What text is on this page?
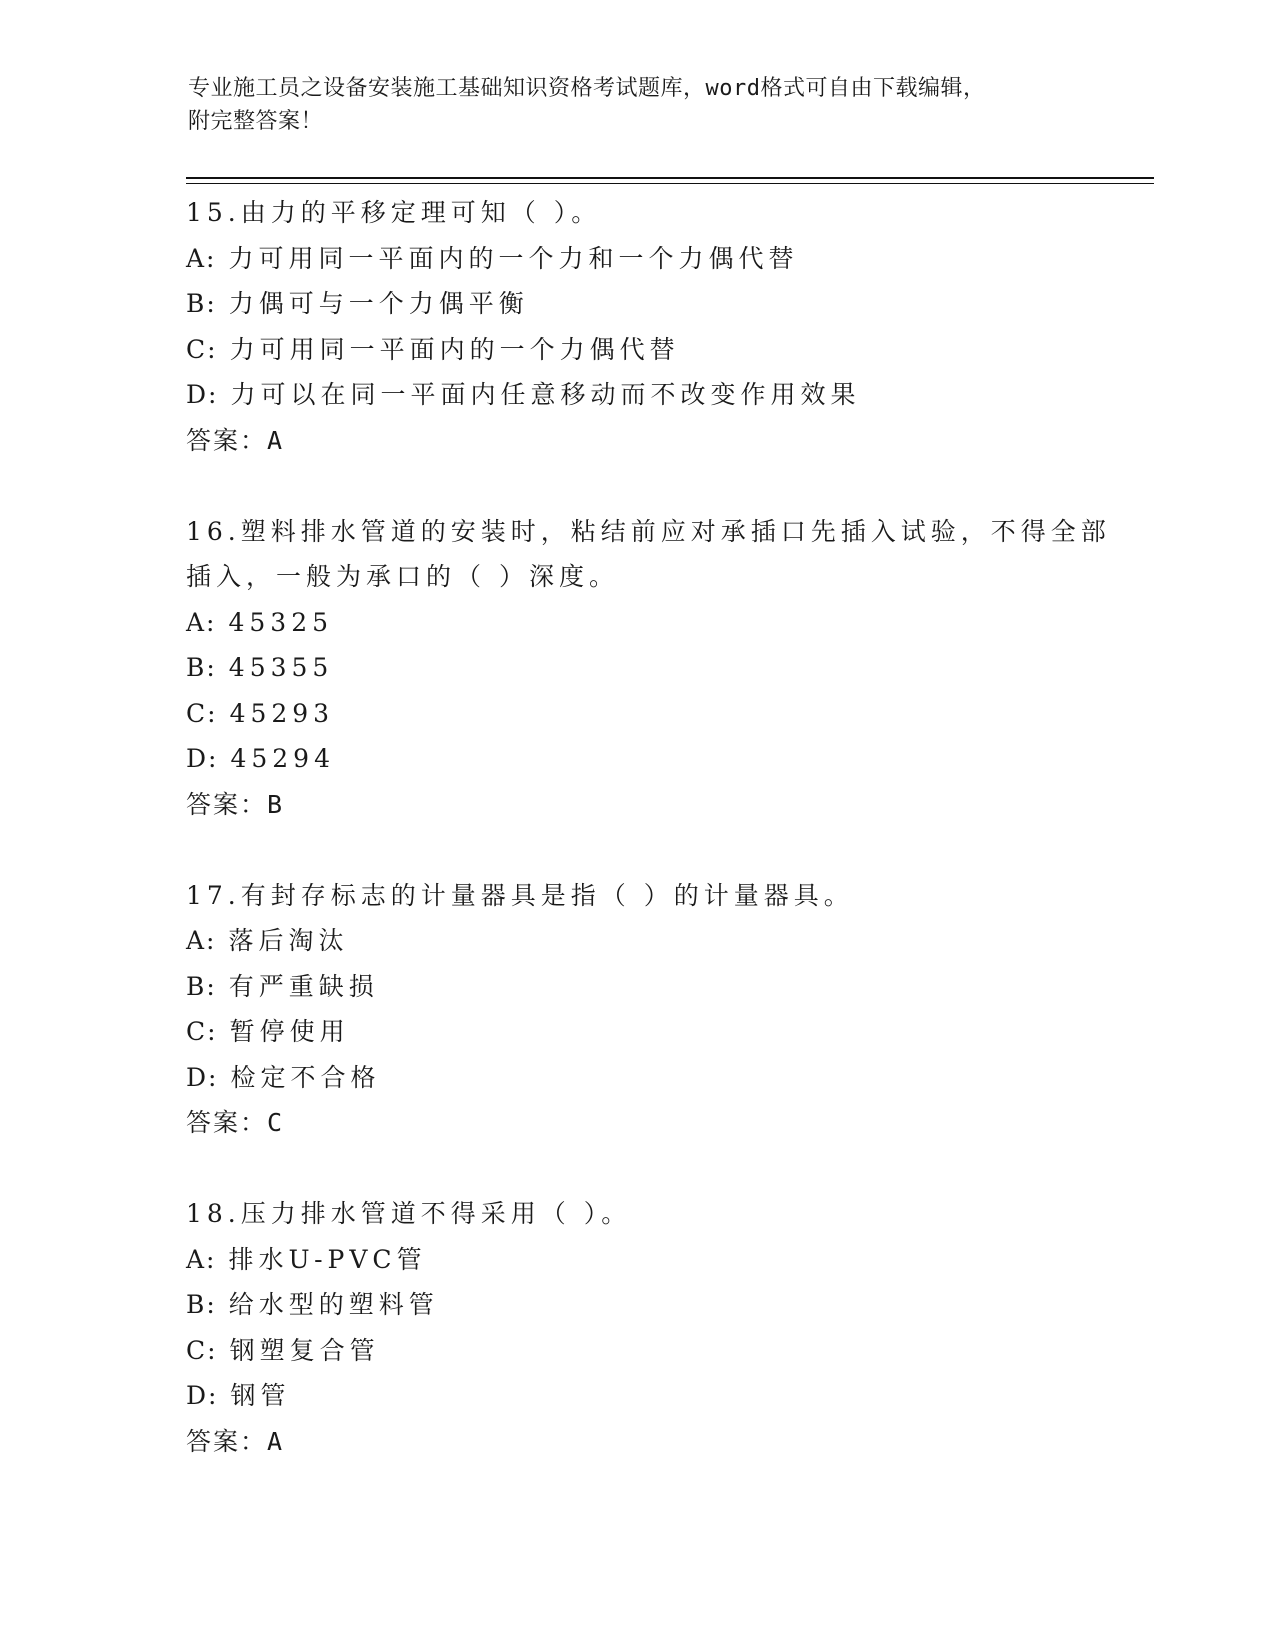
专业施工员之设备安装施工基础知识资格考试题库，word格式可自由下载编辑，
附完整答案！

15.由力的平移定理可知（ ）。

A: 力可用同一平面内的一个力和一个力偶代替

B: 力偶可与一个力偶平衡

C: 力可用同一平面内的一个力偶代替

D: 力可以在同一平面内任意移动而不改变作用效果

答案：A

16.塑料排水管道的安装时，粘结前应对承插口先插入试验，不得全部插入，一般为承口的（ ）深度。

A: 45325

B: 45355

C: 45293

D: 45294

答案：B

17.有封存标志的计量器具是指（ ）的计量器具。

A: 落后淘汰

B: 有严重缺损

C: 暂停使用

D: 检定不合格

答案：C

18.压力排水管道不得采用（ ）。

A: 排水U-PVC管

B: 给水型的塑料管

C: 钢塑复合管

D: 钢管

答案：A
